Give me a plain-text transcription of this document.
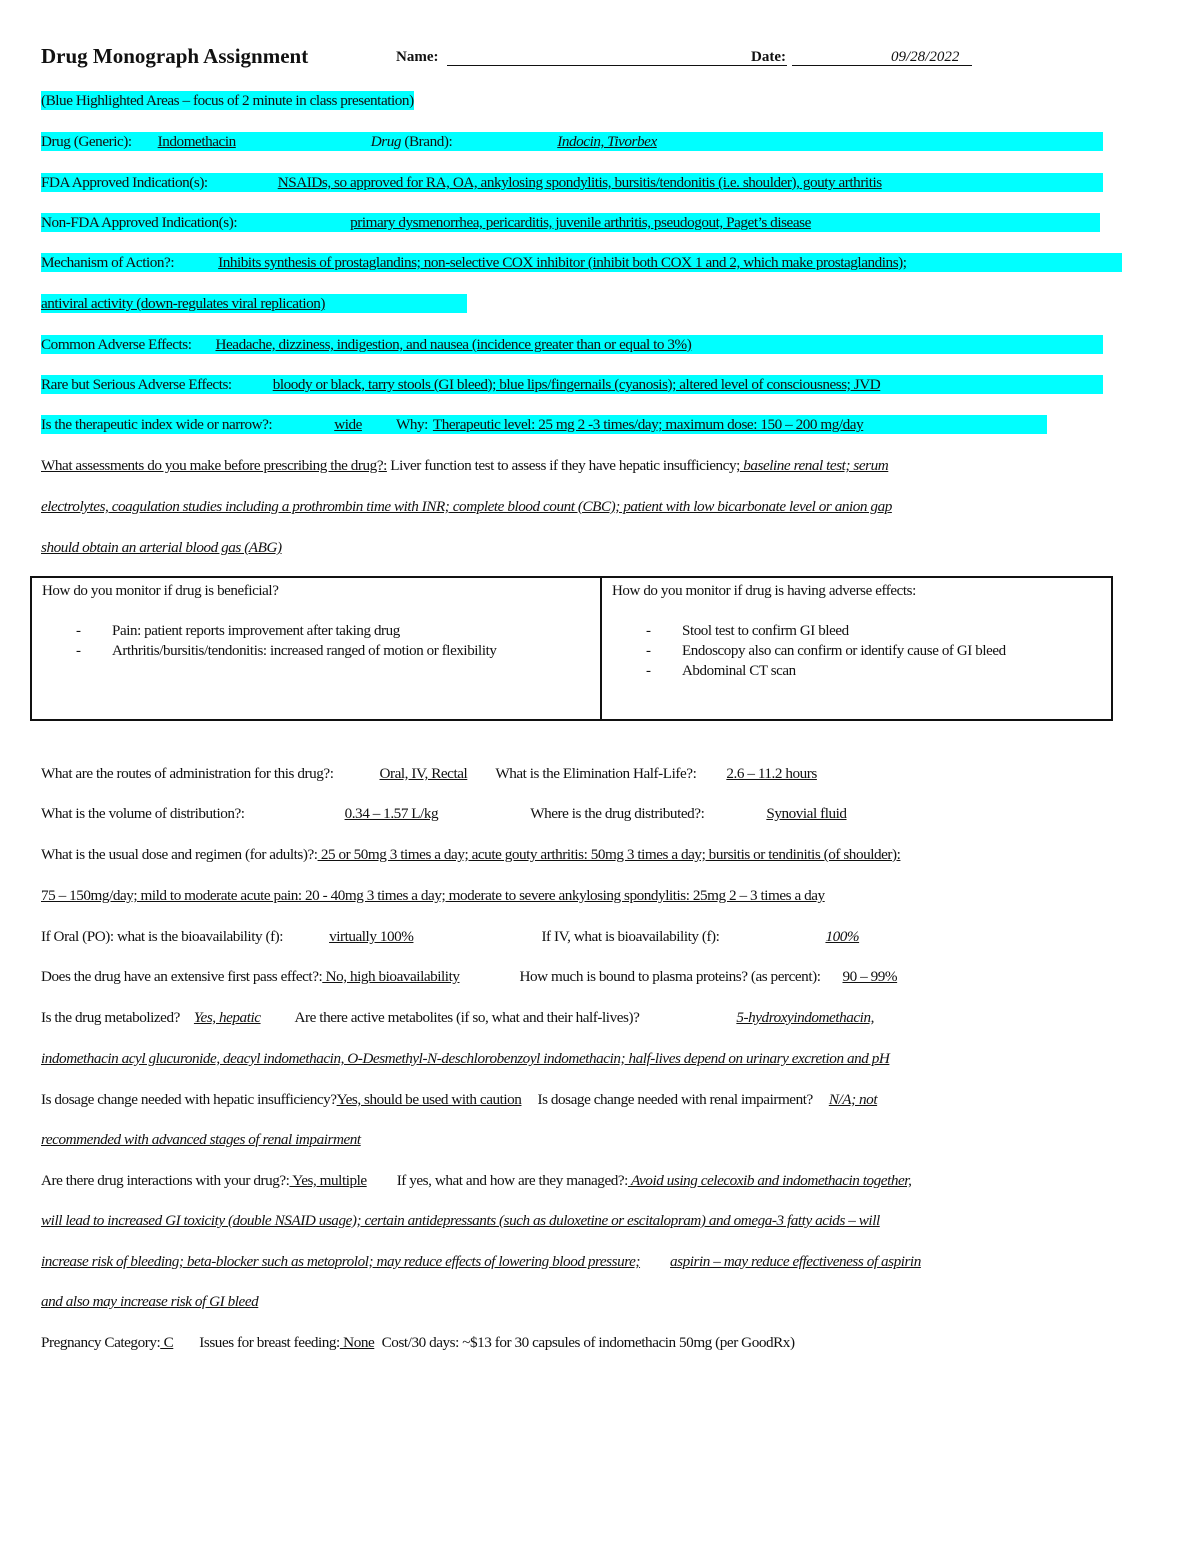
Drug Monograph Assignment	Name:	Date:	09/28/2022
(Blue Highlighted Areas – focus of 2 minute in class presentation)
Drug (Generic): Indomethacin	Drug (Brand):	Indocin, Tivorbex
FDA Approved Indication(s):	NSAIDs, so approved for RA, OA, ankylosing spondylitis, bursitis/tendonitis (i.e. shoulder), gouty arthritis
Non-FDA Approved Indication(s):	primary dysmenorrhea, pericarditis, juvenile arthritis, pseudogout, Paget’s disease
Mechanism of Action?:	Inhibits synthesis of prostaglandins; non-selective COX inhibitor (inhibit both COX 1 and 2, which make prostaglandins);
antiviral activity (down-regulates viral replication)
Common Adverse Effects: Headache, dizziness, indigestion, and nausea (incidence greater than or equal to 3%)
Rare but Serious Adverse Effects:	bloody or black, tarry stools (GI bleed); blue lips/fingernails (cyanosis); altered level of consciousness; JVD
Is the therapeutic index wide or narrow?:	wide Why: Therapeutic level: 25 mg 2 -3 times/day; maximum dose: 150 – 200 mg/day
What assessments do you make before prescribing the drug?: Liver function test to assess if they have hepatic insufficiency; baseline renal test; serum
electrolytes, coagulation studies including a prothrombin time with INR; complete blood count (CBC); patient with low bicarbonate level or anion gap
should obtain an arterial blood gas (ABG)
How do you monitor if drug is beneficial?
- Pain: patient reports improvement after taking drug
- Arthritis/bursitis/tendonitis: increased ranged of motion or flexibility
How do you monitor if drug is having adverse effects:
- Stool test to confirm GI bleed
- Endoscopy also can confirm or identify cause of GI bleed
- Abdominal CT scan
What are the routes of administration for this drug?:	Oral, IV, Rectal What is the Elimination Half-Life?: 2.6 – 11.2 hours
What is the volume of distribution?:	0.34 – 1.57 L/kg	Where is the drug distributed?:	Synovial fluid
What is the usual dose and regimen (for adults)?: 25 or 50mg 3 times a day; acute gouty arthritis: 50mg 3 times a day; bursitis or tendinitis (of shoulder):
75 – 150mg/day; mild to moderate acute pain: 20 - 40mg 3 times a day; moderate to severe ankylosing spondylitis: 25mg 2 – 3 times a day
If Oral (PO): what is the bioavailability (f):	virtually 100%	If IV, what is bioavailability (f):	100%
Does the drug have an extensive first pass effect?: No, high bioavailability	How much is bound to plasma proteins? (as percent): 90 – 99%
Is the drug metabolized? Yes, hepatic Are there active metabolites (if so, what and their half-lives)?	5-hydroxyindomethacin,
indomethacin acyl glucuronide, deacyl indomethacin, O-Desmethyl-N-deschlorobenzoyl indomethacin; half-lives depend on urinary excretion and pH
Is dosage change needed with hepatic insufficiency?Yes, should be used with caution Is dosage change needed with renal impairment? N/A; not
recommended with advanced stages of renal impairment
Are there drug interactions with your drug?: Yes, multiple If yes, what and how are they managed?: Avoid using celecoxib and indomethacin together,
will lead to increased GI toxicity (double NSAID usage); certain antidepressants (such as duloxetine or escitalopram) and omega-3 fatty acids – will
increase risk of bleeding; beta-blocker such as metoprolol; may reduce effects of lowering blood pressure; aspirin – may reduce effectiveness of aspirin
and also may increase risk of GI bleed
Pregnancy Category: C Issues for breast feeding: None Cost/30 days: ~$13 for 30 capsules of indomethacin 50mg (per GoodRx)
